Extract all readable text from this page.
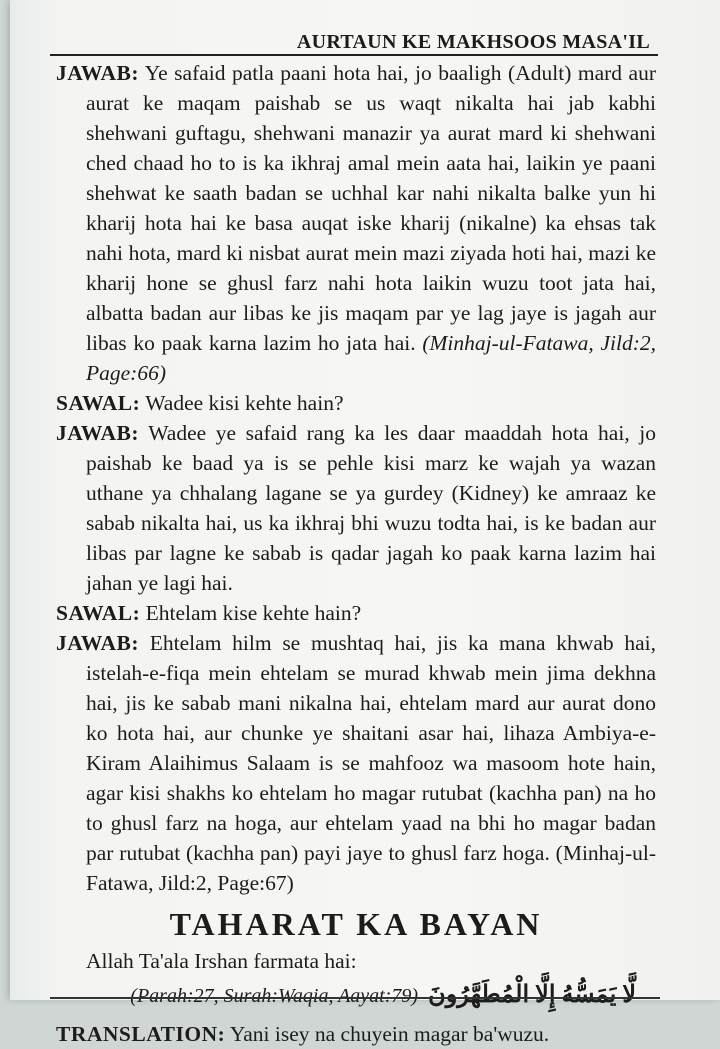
AURTAUN KE MAKHSOOS MASA'IL

JAWAB: Ye safaid patla paani hota hai, jo baaligh (Adult) mard aur aurat ke maqam paishab se us waqt nikalta hai jab kabhi shehwani guftagu, shehwani manazir ya aurat mard ki shehwani ched chaad ho to is ka ikhraj amal mein aata hai, laikin ye paani shehwat ke saath badan se uchhal kar nahi nikalta balke yun hi kharij hota hai ke basa auqat iske kharij (nikalne) ka ehsas tak nahi hota, mard ki nisbat aurat mein mazi ziyada hoti hai, mazi ke kharij hone se ghusl farz nahi hota laikin wuzu toot jata hai, albatta badan aur libas ke jis maqam par ye lag jaye is jagah aur libas ko paak karna lazim ho jata hai. (Minhaj-ul-Fatawa, Jild:2, Page:66)

SAWAL: Wadee kisi kehte hain?

JAWAB: Wadee ye safaid rang ka les daar maaddah hota hai, jo paishab ke baad ya is se pehle kisi marz ke wajah ya wazan uthane ya chhalang lagane se ya gurdey (Kidney) ke amraaz ke sabab nikalta hai, us ka ikhraj bhi wuzu todta hai, is ke badan aur libas par lagne ke sabab is qadar jagah ko paak karna lazim hai jahan ye lagi hai.

SAWAL: Ehtelam kise kehte hain?

JAWAB: Ehtelam hilm se mushtaq hai, jis ka mana khwab hai, istelah-e-fiqa mein ehtelam se murad khwab mein jima dekhna hai, jis ke sabab mani nikalna hai, ehtelam mard aur aurat dono ko hota hai, aur chunke ye shaitani asar hai, lihaza Ambiya-e-Kiram Alaihimus Salaam is se mahfooz wa masoom hote hain, agar kisi shakhs ko ehtelam ho magar rutubat (kachha pan) na ho to ghusl farz na hoga, aur ehtelam yaad na bhi ho magar badan par rutubat (kachha pan) payi jaye to ghusl farz hoga. (Minhaj-ul-Fatawa, Jild:2, Page:67)

TAHARAT KA BAYAN

Allah Ta'ala Irshan farmata hai:

(Parah:27, Surah:Waqia, Aayat:79) لَّا يَمَسُّهُ إِلَّا الْمُطَهَّرُونَ

TRANSLATION: Yani isey na chuyein magar ba'wuzu.
